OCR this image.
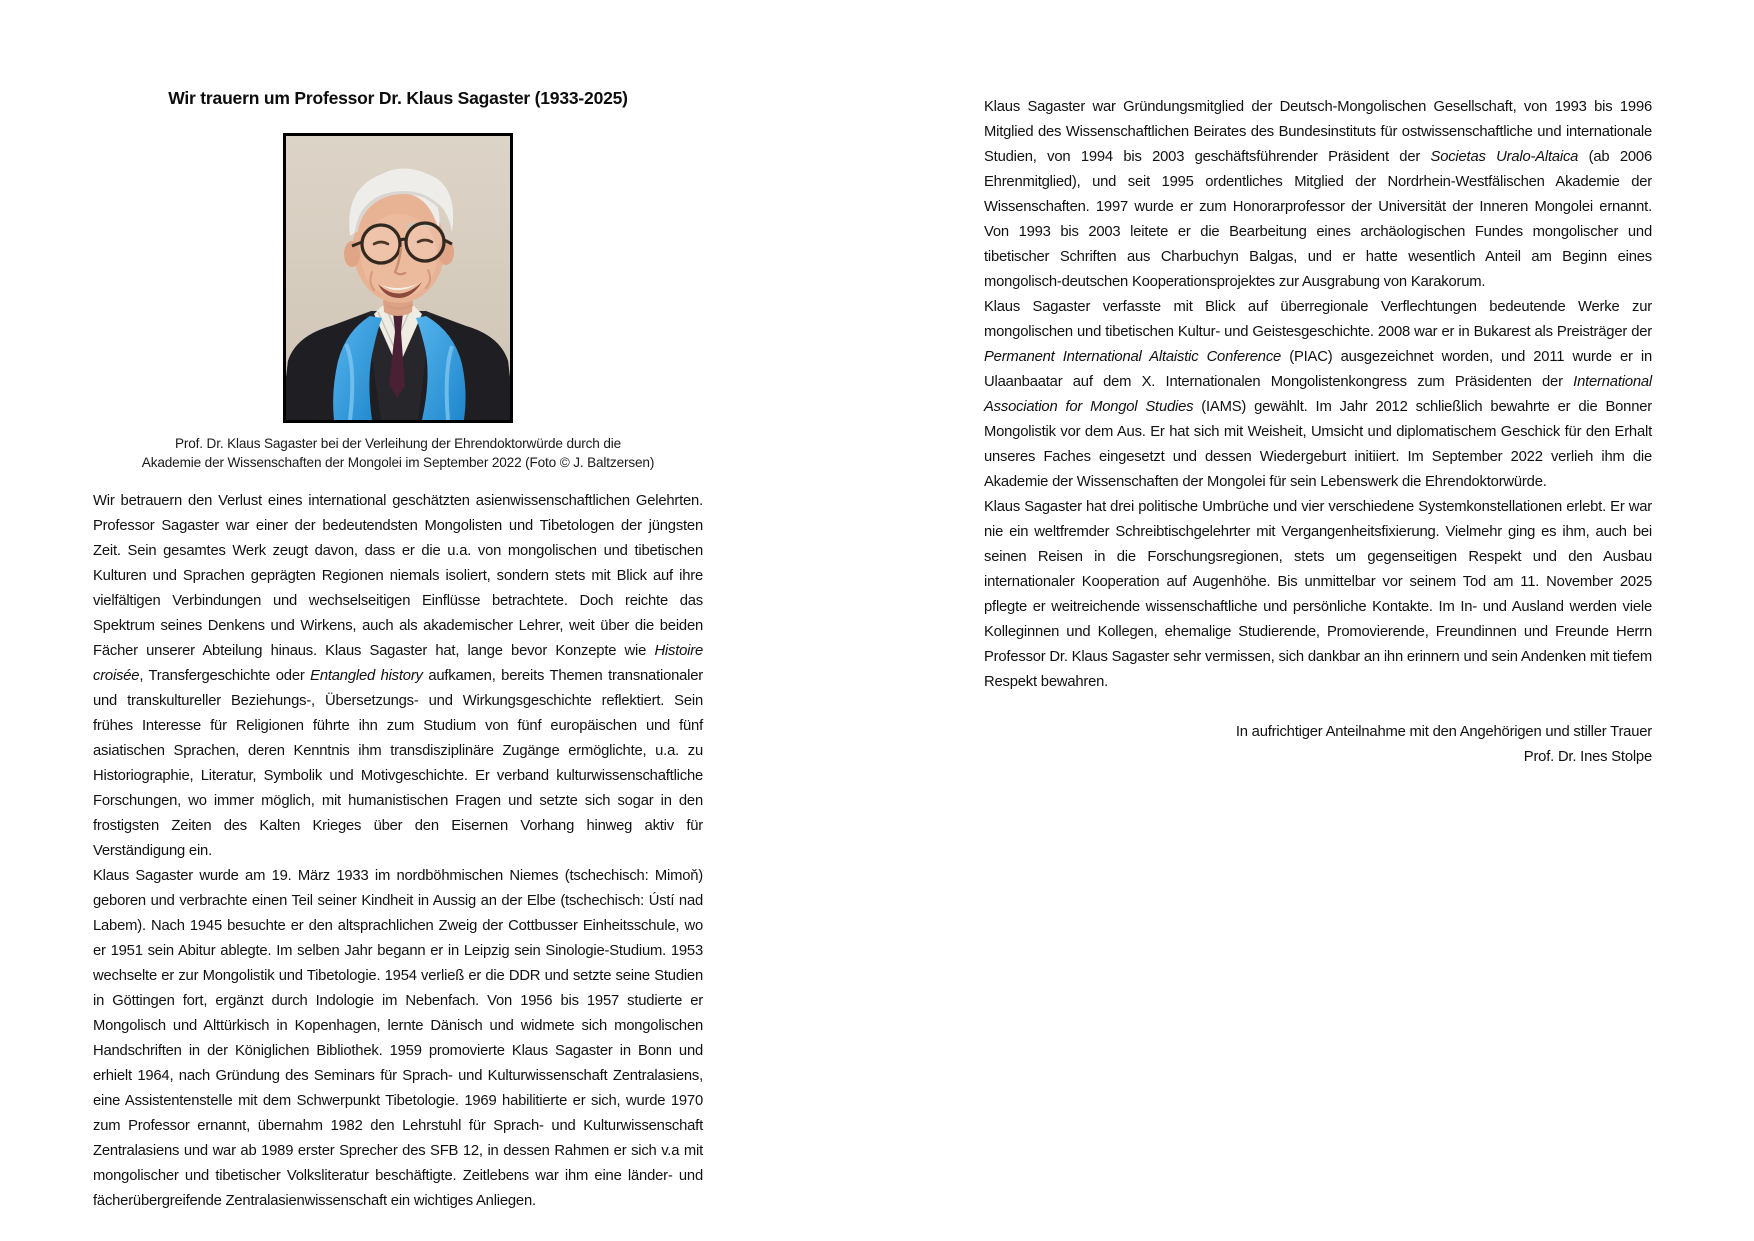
Wir trauern um Professor Dr. Klaus Sagaster (1933-2025)
Prof. Dr. Klaus Sagaster bei der Verleihung der Ehrendoktorwürde durch die
Akademie der Wissenschaften der Mongolei im September 2022 (Foto © J. Baltzersen)

Wir betrauern den Verlust eines international geschätzten asienwissenschaftlichen Gelehrten. Professor Sagaster war einer der bedeutendsten Mongolisten und Tibetologen der jüngsten Zeit. Sein gesamtes Werk zeugt davon, dass er die u.a. von mongolischen und tibetischen Kulturen und Sprachen geprägten Regionen niemals isoliert, sondern stets mit Blick auf ihre vielfältigen Verbindungen und wechselseitigen Einflüsse betrachtete. Doch reichte das Spektrum seines Denkens und Wirkens, auch als akademischer Lehrer, weit über die beiden Fächer unserer Abteilung hinaus. Klaus Sagaster hat, lange bevor Konzepte wie Histoire croisée, Transfergeschichte oder Entangled history aufkamen, bereits Themen transnationaler und transkultureller Beziehungs-, Übersetzungs- und Wirkungsgeschichte reflektiert. Sein frühes Interesse für Religionen führte ihn zum Studium von fünf europäischen und fünf asiatischen Sprachen, deren Kenntnis ihm transdisziplinäre Zugänge ermöglichte, u.a. zu Historiographie, Literatur, Symbolik und Motivgeschichte. Er verband kulturwissenschaftliche Forschungen, wo immer möglich, mit humanistischen Fragen und setzte sich sogar in den frostigsten Zeiten des Kalten Krieges über den Eisernen Vorhang hinweg aktiv für Verständigung ein.

Klaus Sagaster wurde am 19. März 1933 im nordböhmischen Niemes (tschechisch: Mimoň) geboren und verbrachte einen Teil seiner Kindheit in Aussig an der Elbe (tschechisch: Ústí nad Labem). Nach 1945 besuchte er den altsprachlichen Zweig der Cottbusser Einheitsschule, wo er 1951 sein Abitur ablegte. Im selben Jahr begann er in Leipzig sein Sinologie-Studium. 1953 wechselte er zur Mongolistik und Tibetologie. 1954 verließ er die DDR und setzte seine Studien in Göttingen fort, ergänzt durch Indologie im Nebenfach. Von 1956 bis 1957 studierte er Mongolisch und Alttürkisch in Kopenhagen, lernte Dänisch und widmete sich mongolischen Handschriften in der Königlichen Bibliothek. 1959 promovierte Klaus Sagaster in Bonn und erhielt 1964, nach Gründung des Seminars für Sprach- und Kulturwissenschaft Zentralasiens, eine Assistentenstelle mit dem Schwerpunkt Tibetologie. 1969 habilitierte er sich, wurde 1970 zum Professor ernannt, übernahm 1982 den Lehrstuhl für Sprach- und Kulturwissenschaft Zentralasiens und war ab 1989 erster Sprecher des SFB 12, in dessen Rahmen er sich v.a mit mongolischer und tibetischer Volksliteratur beschäftigte. Zeitlebens war ihm eine länder- und fächerübergreifende Zentralasienwissenschaft ein wichtiges Anliegen.

Klaus Sagaster war Gründungsmitglied der Deutsch-Mongolischen Gesellschaft, von 1993 bis 1996 Mitglied des Wissenschaftlichen Beirates des Bundesinstituts für ostwissenschaftliche und internationale Studien, von 1994 bis 2003 geschäftsführender Präsident der Societas Uralo-Altaica (ab 2006 Ehrenmitglied), und seit 1995 ordentliches Mitglied der Nordrhein-Westfälischen Akademie der Wissenschaften. 1997 wurde er zum Honorarprofessor der Universität der Inneren Mongolei ernannt. Von 1993 bis 2003 leitete er die Bearbeitung eines archäologischen Fundes mongolischer und tibetischer Schriften aus Charbuchyn Balgas, und er hatte wesentlich Anteil am Beginn eines mongolisch-deutschen Kooperationsprojektes zur Ausgrabung von Karakorum.

Klaus Sagaster verfasste mit Blick auf überregionale Verflechtungen bedeutende Werke zur mongolischen und tibetischen Kultur- und Geistesgeschichte. 2008 war er in Bukarest als Preisträger der Permanent International Altaistic Conference (PIAC) ausgezeichnet worden, und 2011 wurde er in Ulaanbaatar auf dem X. Internationalen Mongolistenkongress zum Präsidenten der International Association for Mongol Studies (IAMS) gewählt. Im Jahr 2012 schließlich bewahrte er die Bonner Mongolistik vor dem Aus. Er hat sich mit Weisheit, Umsicht und diplomatischem Geschick für den Erhalt unseres Faches eingesetzt und dessen Wiedergeburt initiiert. Im September 2022 verlieh ihm die Akademie der Wissenschaften der Mongolei für sein Lebenswerk die Ehrendoktorwürde.

Klaus Sagaster hat drei politische Umbrüche und vier verschiedene Systemkonstellationen erlebt. Er war nie ein weltfremder Schreibtischgelehrter mit Vergangenheitsfixierung. Vielmehr ging es ihm, auch bei seinen Reisen in die Forschungsregionen, stets um gegenseitigen Respekt und den Ausbau internationaler Kooperation auf Augenhöhe. Bis unmittelbar vor seinem Tod am 11. November 2025 pflegte er weitreichende wissenschaftliche und persönliche Kontakte. Im In- und Ausland werden viele Kolleginnen und Kollegen, ehemalige Studierende, Promovierende, Freundinnen und Freunde Herrn Professor Dr. Klaus Sagaster sehr vermissen, sich dankbar an ihn erinnern und sein Andenken mit tiefem Respekt bewahren.

In aufrichtiger Anteilnahme mit den Angehörigen und stiller Trauer
Prof. Dr. Ines Stolpe
